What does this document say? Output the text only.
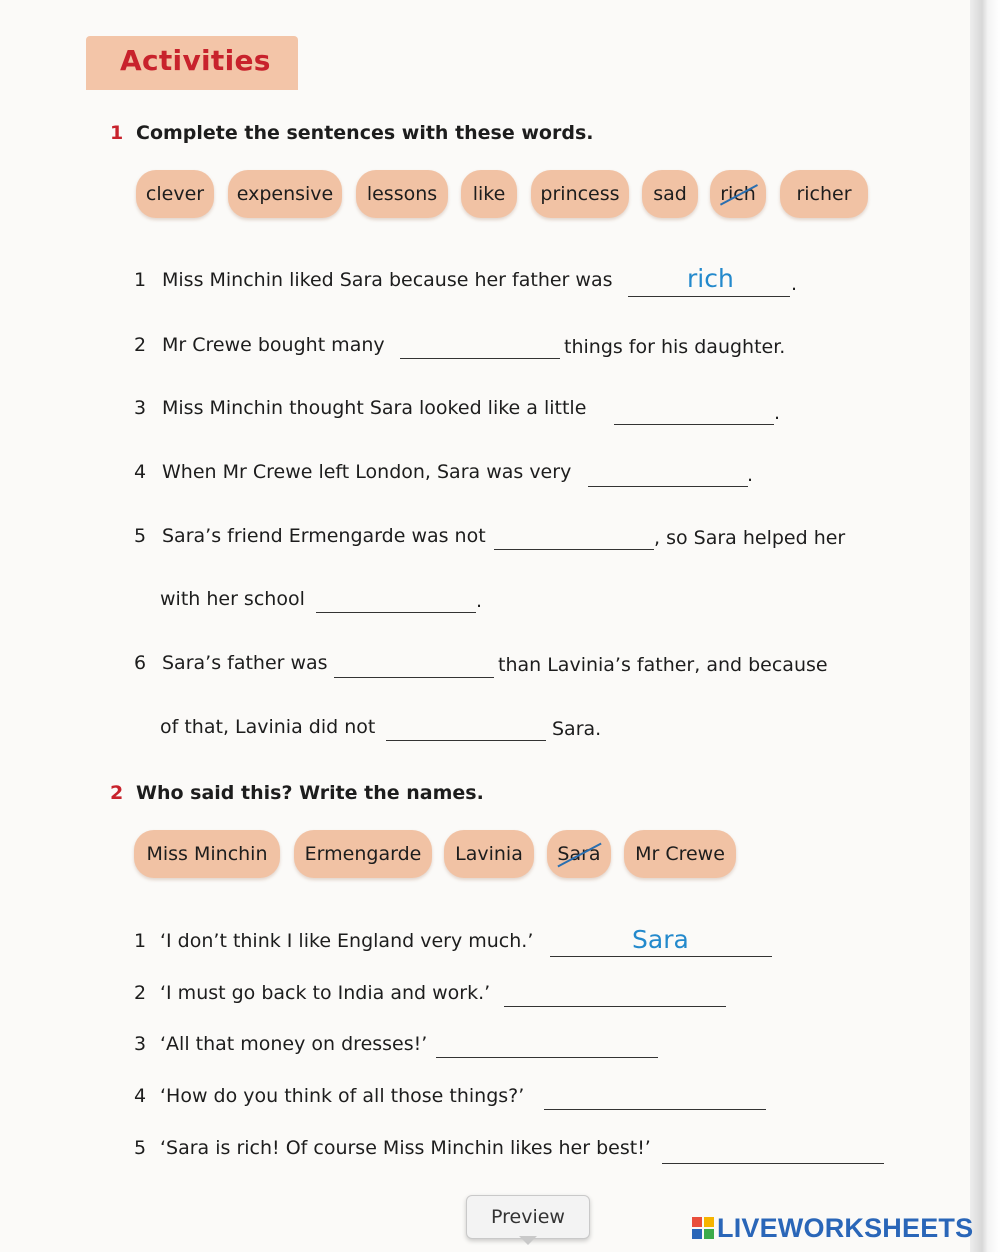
Activities
1 Complete the sentences with these words.
clever expensive lessons like princess sad rich richer
1 Miss Minchin liked Sara because her father was	rich	.
2 Mr Crewe bought many	things for his daughter.
3 Miss Minchin thought Sara looked like a little	.
4 When Mr Crewe left London, Sara was very	.
5 Sara’s friend Ermengarde was not	, so Sara helped her
with her school	.
6 Sara’s father was	than Lavinia’s father, and because
of that, Lavinia did not	Sara.
2 Who said this? Write the names.
Miss Minchin Ermengarde Lavinia Sara Mr Crewe
1 ‘I don’t think I like England very much.’	Sara
2 ‘I must go back to India and work.’
3 ‘All that money on dresses!’
4 ‘How do you think of all those things?’
5 ‘Sara is rich! Of course Miss Minchin likes her best!’
Preview	LIVEWORKSHEETS
